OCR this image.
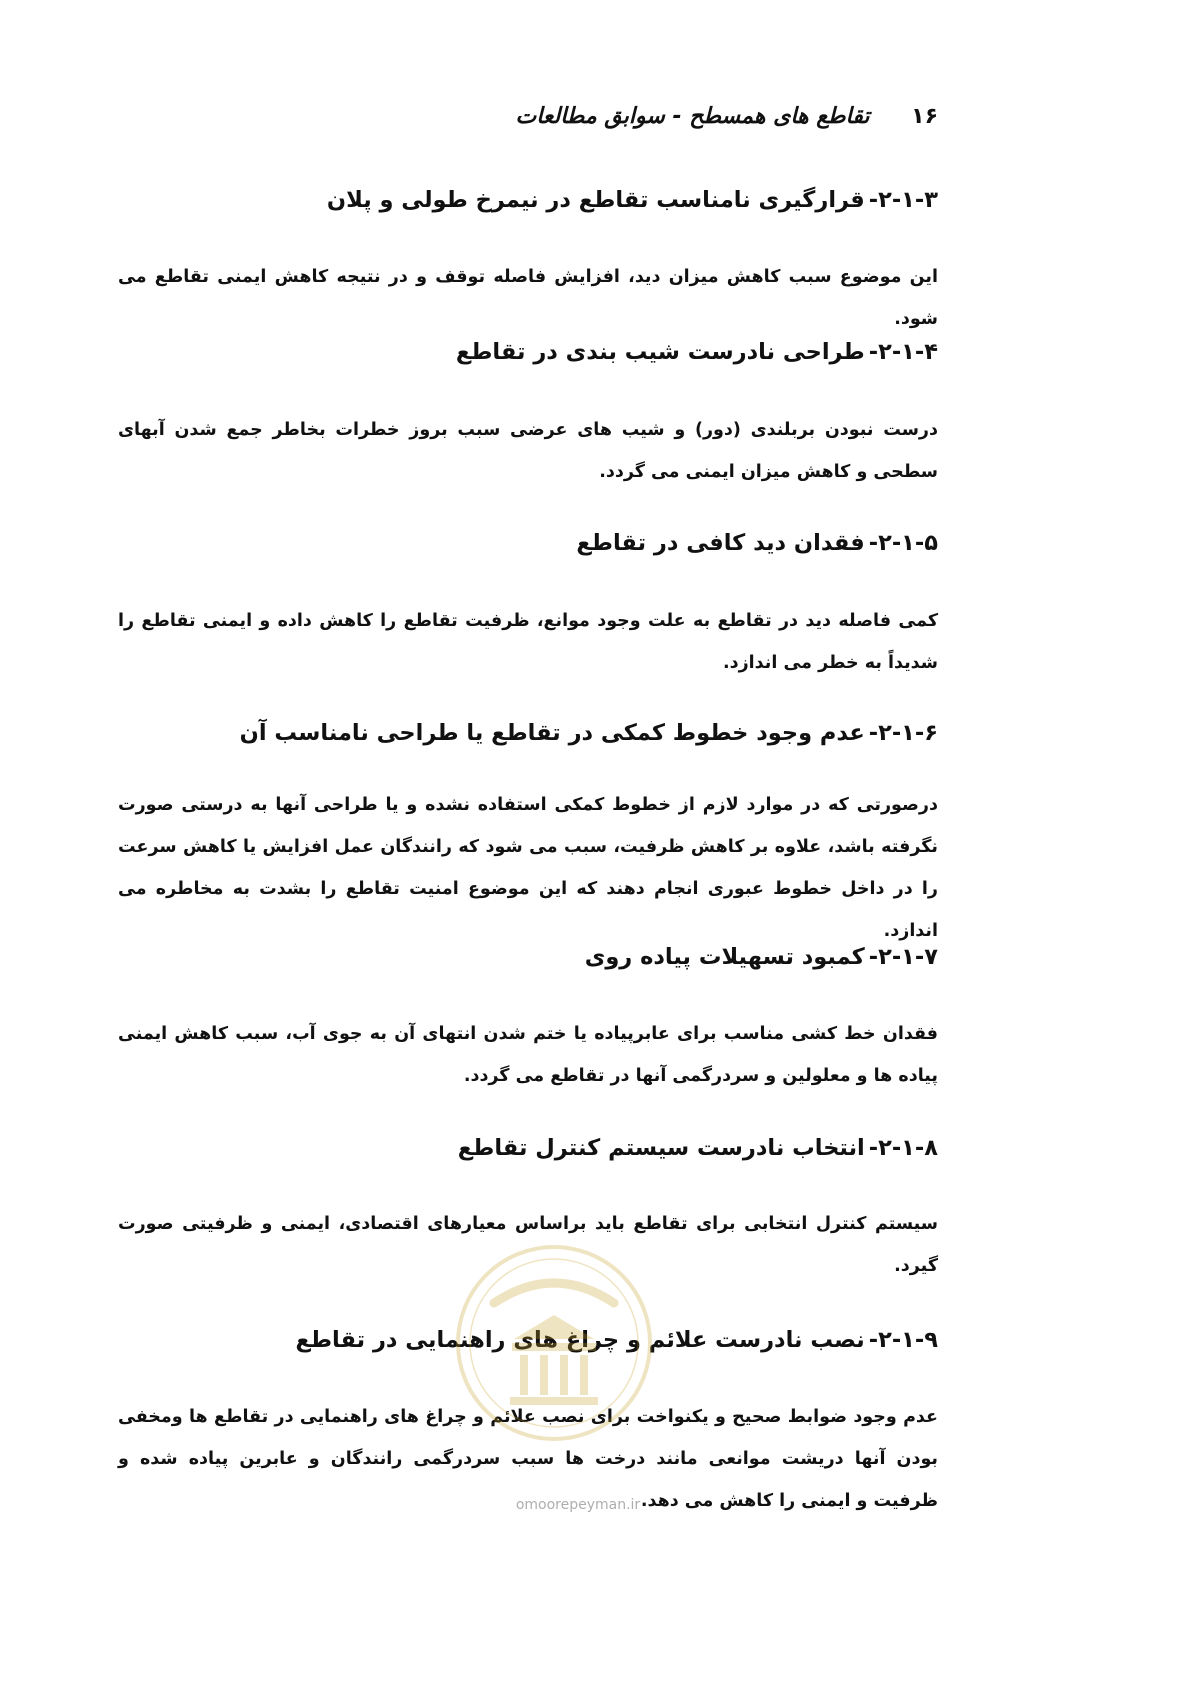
۱۶ تقاطع های همسطح - سوابق مطالعات
۲-۱-۳-قرارگیری نامناسب تقاطع در نیمرخ طولی و پلان

این موضوع سبب کاهش میزان دید، افزایش فاصله توقف و در نتیجه کاهش ایمنی تقاطع می شود.

۲-۱-۴-طراحی نادرست شیب بندی در تقاطع

درست نبودن بربلندی (دور) و شیب های عرضی سبب بروز خطرات بخاطر جمع شدن آبهای سطحی و کاهش میزان ایمنی می گردد.

۲-۱-۵-فقدان دید کافی در تقاطع

کمی فاصله دید در تقاطع به علت وجود موانع، ظرفیت تقاطع را کاهش داده و ایمنی تقاطع را شدیداً به خطر می اندازد.

۲-۱-۶-عدم وجود خطوط کمکی در تقاطع یا طراحی نامناسب آن

درصورتی که در موارد لازم از خطوط کمکی استفاده نشده و یا طراحی آنها به درستی صورت نگرفته باشد، علاوه بر کاهش ظرفیت، سبب می شود که رانندگان عمل افزایش یا کاهش سرعت را در داخل خطوط عبوری انجام دهند که این موضوع امنیت تقاطع را بشدت به مخاطره می اندازد.

۲-۱-۷-کمبود تسهیلات پیاده روی

فقدان خط کشی مناسب برای عابرپیاده یا ختم شدن انتهای آن به جوی آب، سبب کاهش ایمنی پیاده ها و معلولین و سردرگمی آنها در تقاطع می گردد.

۲-۱-۸-انتخاب نادرست سیستم کنترل تقاطع

سیستم کنترل انتخابی برای تقاطع باید براساس معیارهای اقتصادی، ایمنی و ظرفیتی صورت گیرد.

۲-۱-۹-نصب نادرست علائم و چراغ های راهنمایی در تقاطع

عدم وجود ضوابط صحیح و یکنواخت برای نصب علائم و چراغ های راهنمایی در تقاطع ها ومخفی بودن آنها دریشت موانعی مانند درخت ها سبب سردرگمی رانندگان و عابرین پیاده شده و ظرفیت و ایمنی را کاهش می دهد.

omoorepeyman.ir
